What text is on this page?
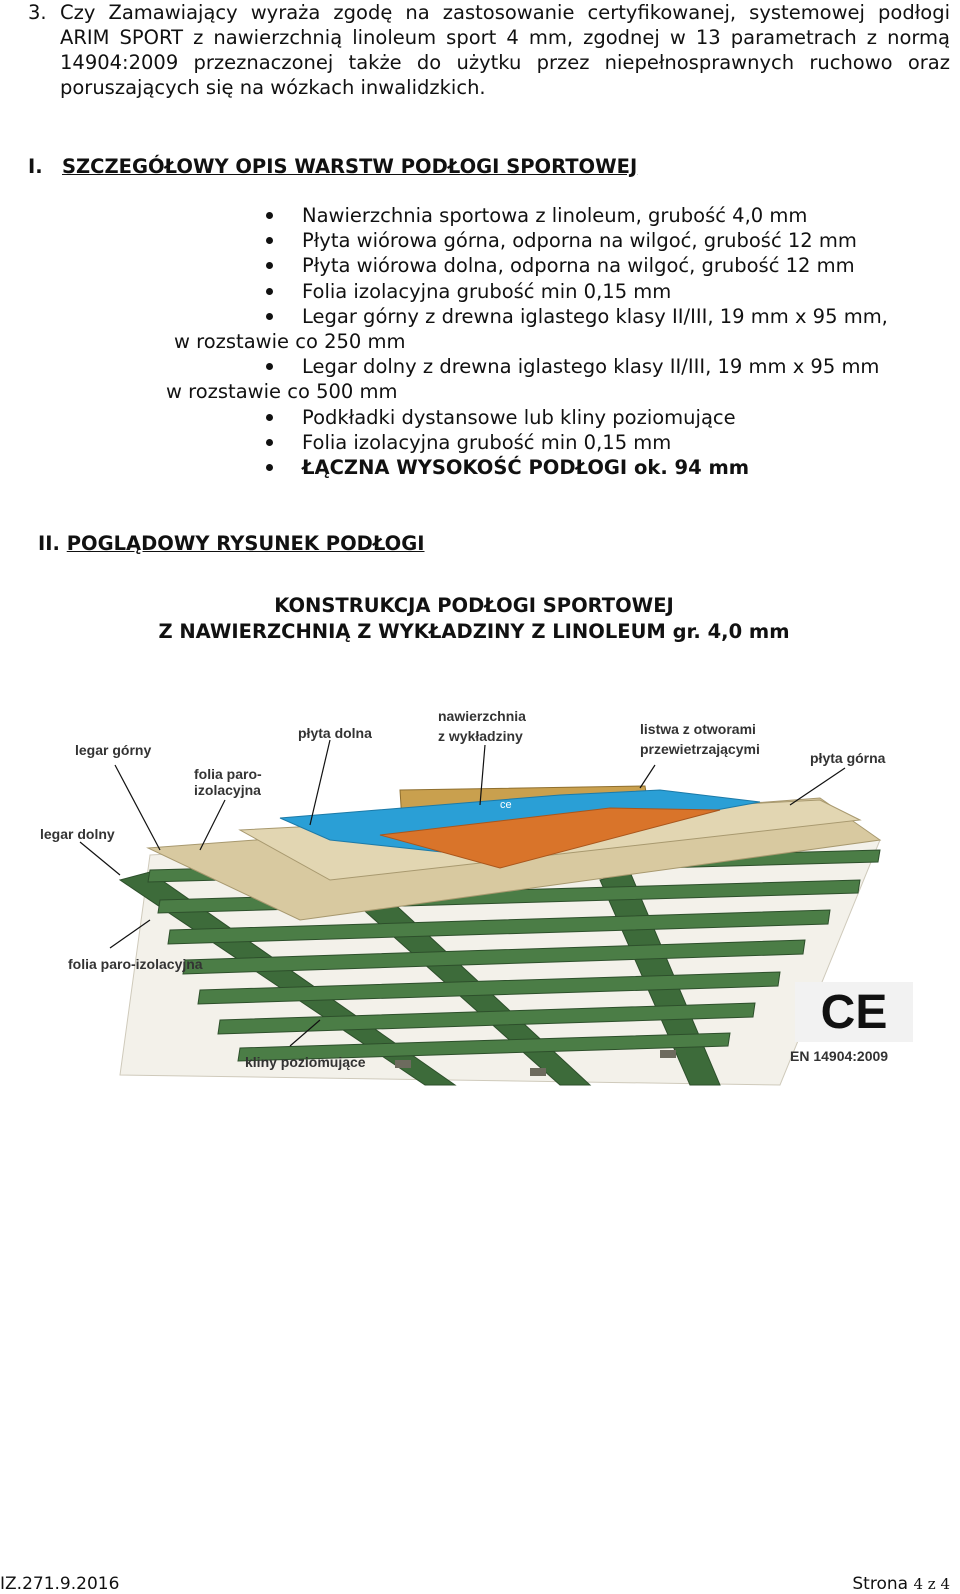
3. Czy Zamawiający wyraża zgodę na zastosowanie certyfikowanej, systemowej podłogi ARIM SPORT z nawierzchnią linoleum sport 4 mm, zgodnej w 13 parametrach z normą 14904:2009 przeznaczonej także do użytku przez niepełnosprawnych ruchowo oraz poruszających się na wózkach inwalidzkich.
I. SZCZEGÓŁOWY OPIS WARSTW PODŁOGI SPORTOWEJ
Nawierzchnia sportowa z linoleum, grubość 4,0 mm
Płyta wiórowa górna, odporna na wilgoć, grubość 12 mm
Płyta wiórowa dolna, odporna na wilgoć, grubość 12 mm
Folia izolacyjna grubość min 0,15 mm
Legar górny z drewna iglastego klasy II/III, 19 mm x 95 mm,
w rozstawie co 250 mm
Legar dolny z drewna iglastego klasy II/III, 19 mm x 95 mm
w rozstawie co 500 mm
Podkładki dystansowe lub kliny poziomujące
Folia izolacyjna grubość min 0,15 mm
ŁĄCZNA WYSOKOŚĆ PODŁOGI ok. 94 mm
II. POGLĄDOWY RYSUNEK PODŁOGI
KONSTRUKCJA PODŁOGI SPORTOWEJ
Z NAWIERZCHNIĄ Z WYKŁADZINY Z LINOLEUM gr. 4,0 mm
ce
legar górny
płyta dolna
nawierzchnia
z wykładziny	listwa z otworami
przewietrzającymi
płyta górna
folia paro-
izolacyjna
legar dolny
folia paro-izolacyjna
kliny poziomujące
CE
EN 14904:2009
IZ.271.9.2016	Strona 4 z 4
